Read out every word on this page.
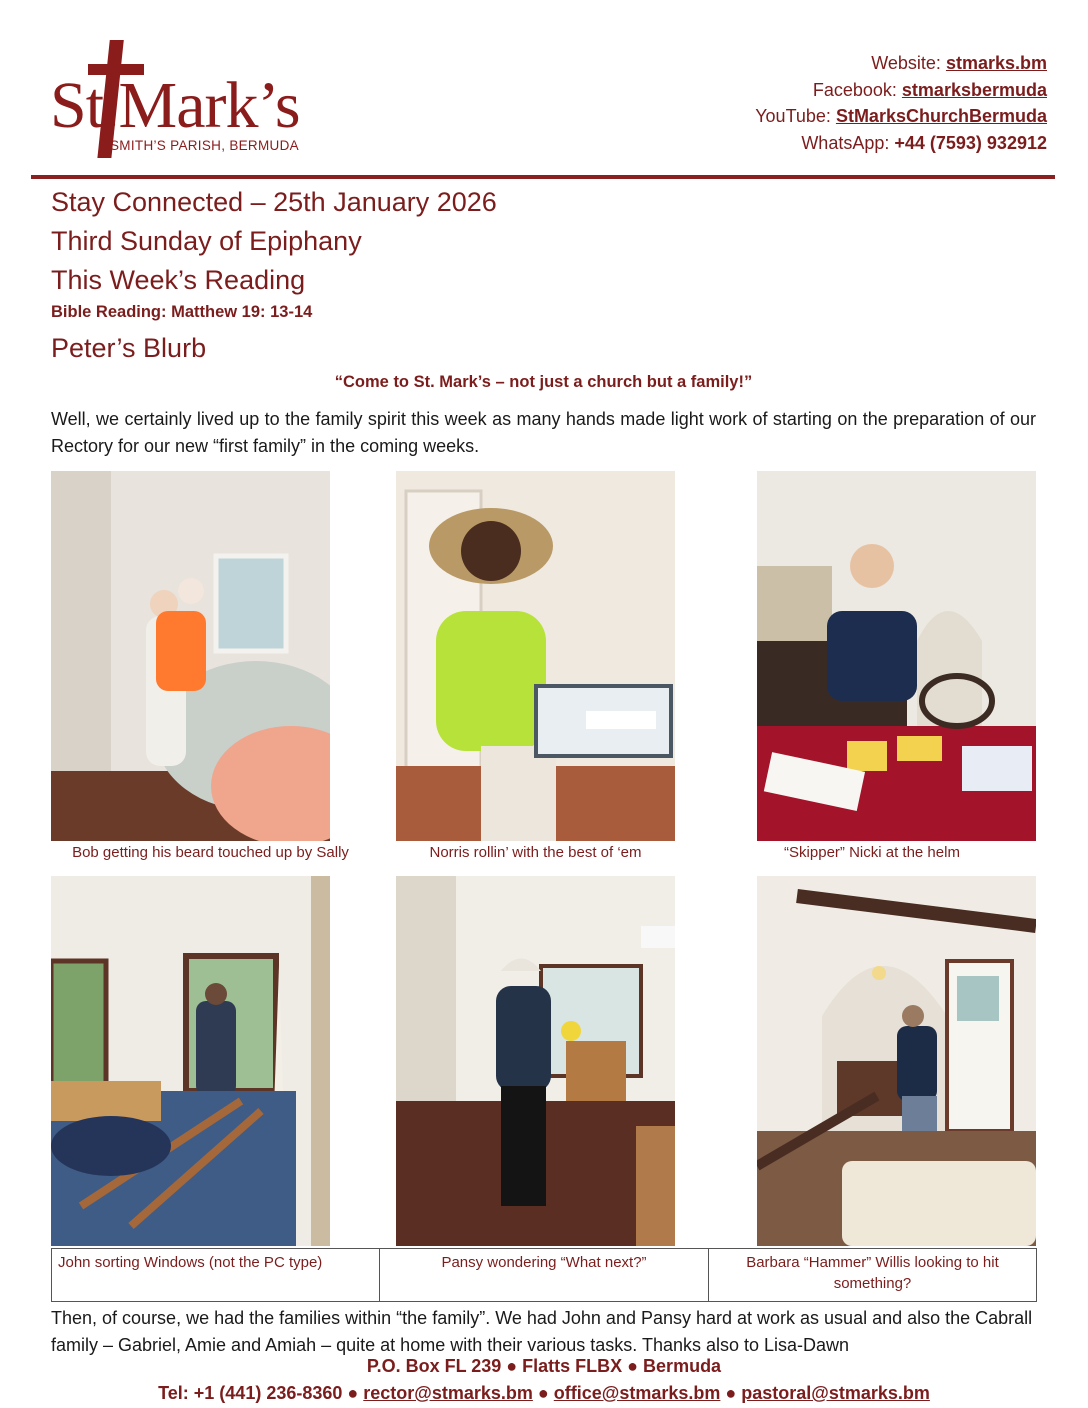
St.Mark’s
SMITH’S PARISH, BERMUDA
Website: stmarks.bm
Facebook: stmarksbermuda
YouTube: StMarksChurchBermuda
WhatsApp: +44 (7593) 932912
Stay Connected – 25th January 2026
Third Sunday of Epiphany
This Week’s Reading
Bible Reading: Matthew 19: 13-14
Peter’s Blurb
“Come to St. Mark’s – not just a church but a family!”
Well, we certainly lived up to the family spirit this week as many hands made light work of starting on the preparation of our Rectory for our new “first family” in the coming weeks.
Bob getting his beard touched up by Sally	Norris rollin’ with the best of ‘em	“Skipper” Nicki at the helm
John sorting Windows (not the PC type)	Pansy wondering “What next?”	Barbara “Hammer” Willis looking to hit something?
Then, of course, we had the families within “the family”. We had John and Pansy hard at work as usual and also the Cabrall family – Gabriel, Amie and Amiah – quite at home with their various tasks. Thanks also to Lisa-Dawn
P.O. Box FL 239 ● Flatts FLBX ● Bermuda
Tel: +1 (441) 236-8360 ● rector@stmarks.bm ● office@stmarks.bm ● pastoral@stmarks.bm
